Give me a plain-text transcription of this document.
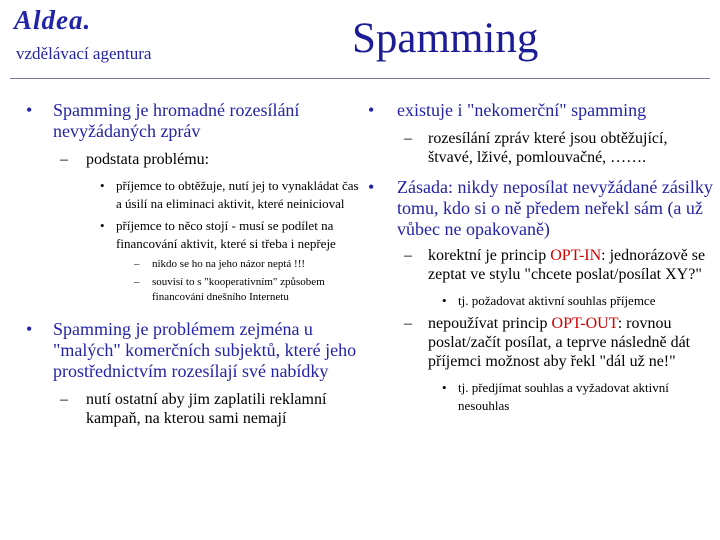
Aldea.
vzdělávací agentura	Spamming
• Spamming je hromadné rozesílání nevyžádaných zpráv
– podstata problému:
• příjemce to obtěžuje, nutí jej to vynakládat čas a úsilí na eliminaci aktivit, které neinicioval
• příjemce to něco stojí - musí se podílet na financování aktivit, které si třeba i nepřeje
– nikdo se ho na jeho názor neptá !!!
– souvisí to s "kooperativním" způsobem financování dnešního Internetu
• Spamming je problémem zejména u "malých" komerčních subjektů, které jeho prostřednictvím rozesílají své nabídky
– nutí ostatní aby jim zaplatili reklamní kampaň, na kterou sami nemají
• existuje i "nekomerční" spamming
– rozesílání zpráv které jsou obtěžující, štvavé, lživé, pomlouvačné, …….
• Zásada: nikdy neposílat nevyžádané zásilky tomu, kdo si o ně předem neřekl sám (a už vůbec ne opakovaně)
– korektní je princip OPT-IN: jednorázově se zeptat ve stylu "chcete poslat/posílat XY?"
• tj. požadovat aktivní souhlas příjemce
– nepoužívat princip OPT-OUT: rovnou poslat/začít posílat, a teprve následně dát příjemci možnost aby řekl "dál už ne!"
• tj. předjímat souhlas a vyžadovat aktivní nesouhlas
